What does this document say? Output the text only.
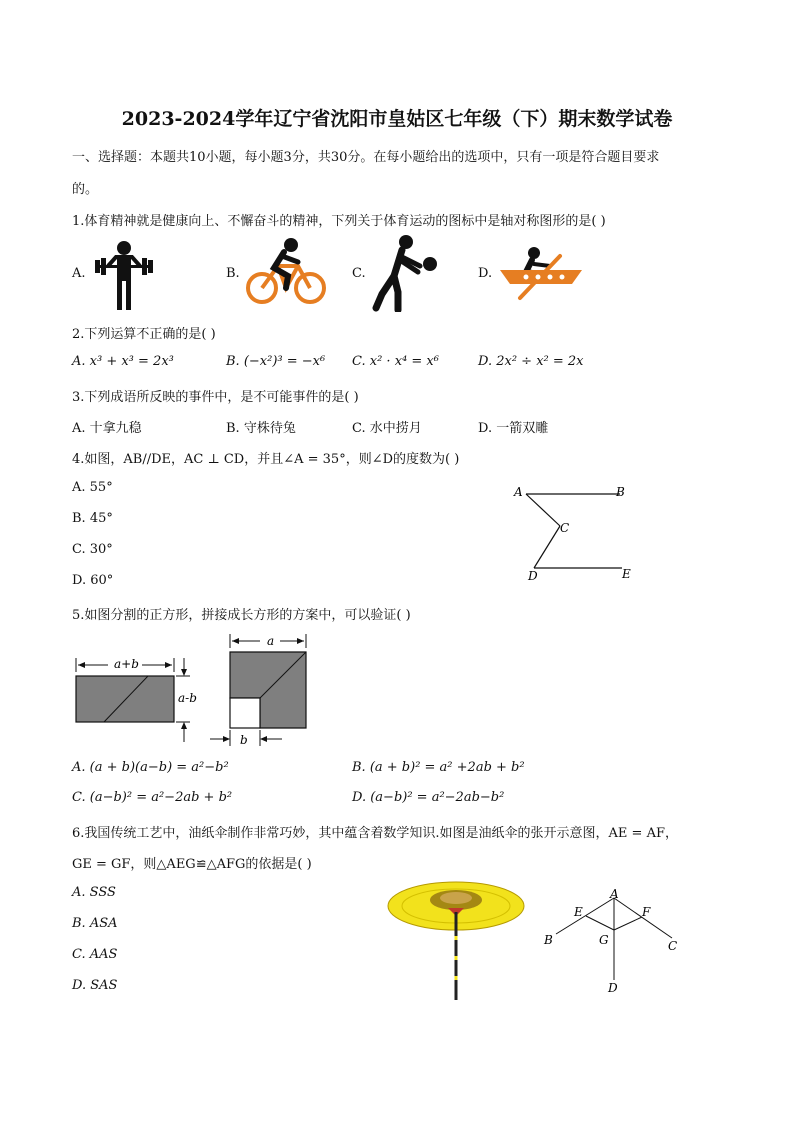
2023-2024学年辽宁省沈阳市皇姑区七年级（下）期末数学试卷
一、选择题：本题共10小题，每小题3分，共30分。在每小题给出的选项中，只有一项是符合题目要求
的。
1.体育精神就是健康向上、不懈奋斗的精神，下列关于体育运动的图标中是轴对称图形的是( )
A.	B.	C.	D.
2.下列运算不正确的是( )
A. x³ + x³ = 2x³	B. (−x²)³ = −x⁶ C. x² · x⁴ = x⁶	D. 2x² ÷ x² = 2x
3.下列成语所反映的事件中，是不可能事件的是( )
A. 十拿九稳	B. 守株待兔	C. 水中捞月	D. 一箭双雕
4.如图，AB//DE，AC ⊥ CD，并且∠A = 35°，则∠D的度数为( )
A. 55°
B. 45°
C. 30°
D. 60°
A	B
C
D	E
5.如图分割的正方形，拼接成长方形的方案中，可以验证( )
a+b
a-b
a
b
A. (a + b)(a−b) = a²−b²	B. (a + b)² = a² +2ab + b²
C. (a−b)² = a²−2ab + b²	D. (a−b)² = a²−2ab−b²
6.我国传统工艺中，油纸伞制作非常巧妙，其中蕴含着数学知识.如图是油纸伞的张开示意图，AE = AF，
GE = GF，则△AEG≌△AFG的依据是( )
A. SSS
B. ASA
C. AAS
D. SAS
A
B	C
D
E	F
G
